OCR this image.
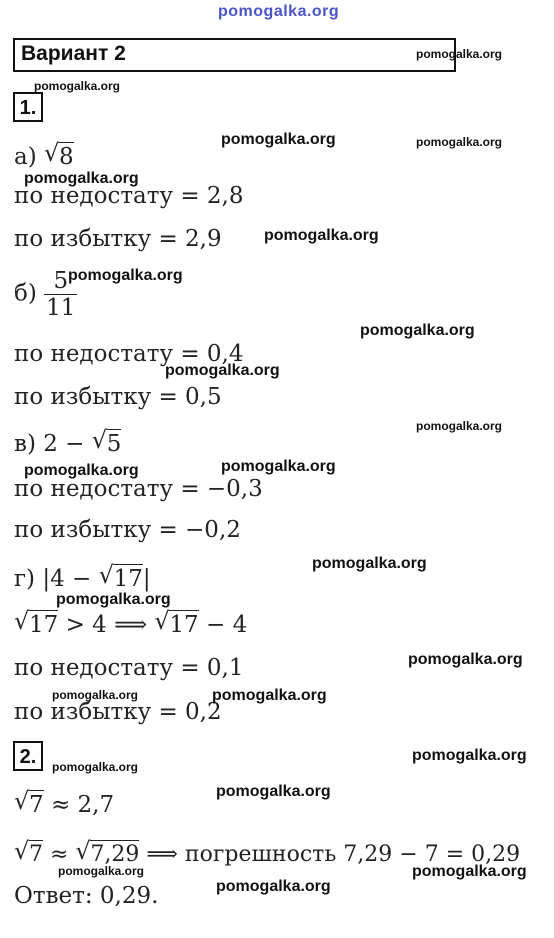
pomogalka.org
Вариант 2
1.
а) √ 8
по недостату = 2,8
по избытку = 2,9
$б) \frac{5}{11}$
по недостату = 0,4
по избытку = 0,5
в) 2 − √ 5
по недостату = −0,3
по избытку = −0,2
г) |4 − √ 17|
√ 17 > 4 ⟹ √ 17 − 4
по недостату = 0,1
по избытку = 0,2
2.
√ 7 ≈ 2,7
√ 7 ≈ √ 7,29 ⟹ погрешность 7,29 − 7 = 0,29
Ответ: 0,29.
pomogalka.org
pomogalka.org
pomogalka.org	pomogalka.org
pomogalka.org
pomogalka.org
pomogalka.org
pomogalka.org
pomogalka.org
pomogalka.org
pomogalka.org
pomogalka.org
pomogalka.org
pomogalka.org
pomogalka.org
pomogalka.org	pomogalka.org
pomogalka.org
pomogalka.org
pomogalka.org
pomogalka.org	pomogalka.org
pomogalka.org
